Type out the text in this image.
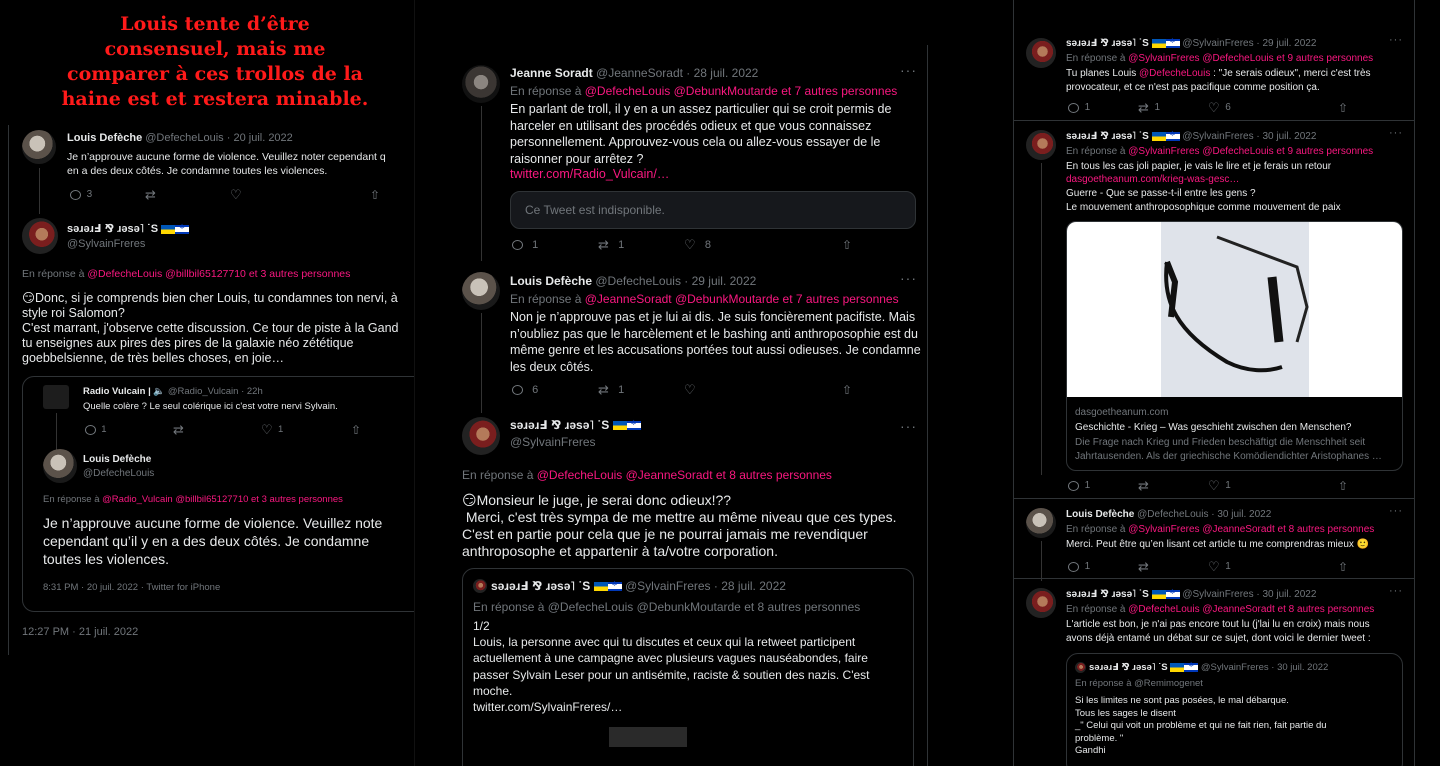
Louis tente d’être
consensuel, mais me
comparer à ces trollos de la
haine est et restera minable.
Louis Defèche @DefecheLouis · 20 juil. 2022
Je n’approuve aucune forme de violence. Veuillez noter cependant q
en a des deux côtés. Je condamne toutes les violences.

3	⇄	♡	⇧
sǝɹǝɹℲ ⅋ ɹǝsǝ˥ ˙S ✡
@SylvainFreres
En réponse à @DefecheLouis @billbil65127710 et 3 autres personnes
😏Donc, si je comprends bien cher Louis, tu condamnes ton nervi, à
style roi Salomon?
C'est marrant, j'observe cette discussion. Ce tour de piste à la Gand
tu enseignes aux pires des pires de la galaxie néo zététique
goebbelsienne, de très belles choses, en joie…
Radio Vulcain | 🔈 @Radio_Vulcain · 22h
Quelle colère ? Le seul colérique ici c'est votre nervi Sylvain.

1	⇄	♡
1	⇧
Louis Defèche
@DefecheLouis
En réponse à @Radio_Vulcain @billbil65127710 et 3 autres personnes
Je n’approuve aucune forme de violence. Veuillez note
cependant qu’il y en a des deux côtés. Je condamne
toutes les violences.
8:31 PM · 20 juil. 2022 · Twitter for iPhone
12:27 PM · 21 juil. 2022
Jeanne Soradt @JeanneSoradt · 28 juil. 2022	···
En réponse à @DefecheLouis @DebunkMoutarde et 7 autres personnes
En parlant de troll, il y en a un assez particulier qui se croit permis de
harceler en utilisant des procédés odieux et que vous connaissez
personnellement. Approuvez-vous cela ou allez-vous essayer de le
raisonner pour arrêtez ?
twitter.com/Radio_Vulcain/…
Ce Tweet est indisponible.

1	⇄
1	♡
8	⇧
Louis Defèche @DefecheLouis · 29 juil. 2022	···
En réponse à @JeanneSoradt @DebunkMoutarde et 7 autres personnes
Non je n’approuve pas et je lui ai dis. Je suis foncièrement pacifiste. Mais
n’oubliez pas que le harcèlement et le bashing anti anthroposophie est du
même genre et les accusations portées tout aussi odieuses. Je condamne
les deux côtés.

6	⇄
1	♡	⇧
sǝɹǝɹℲ ⅋ ɹǝsǝ˥ ˙S ✡
@SylvainFreres
···
En réponse à @DefecheLouis @JeanneSoradt et 8 autres personnes
😏Monsieur le juge, je serai donc odieux!??
Merci, c'est très sympa de me mettre au même niveau que ces types.
C'est en partie pour cela que je ne pourrai jamais me revendiquer
anthroposophe et appartenir à ta/votre corporation.
sǝɹǝɹℲ ⅋ ɹǝsǝ˥ ˙S ✡	@SylvainFreres · 28 juil. 2022
En réponse à @DefecheLouis @DebunkMoutarde et 8 autres personnes
1/2
Louis, la personne avec qui tu discutes et ceux qui la retweet participent
actuellement à une campagne avec plusieurs vagues nauséabondes, faire
passer Sylvain Leser pour un antisémite, raciste & soutien des nazis. C'est
moche.
twitter.com/SylvainFreres/…
sǝɹǝɹℲ ⅋ ɹǝsǝ˥ ˙S ✡	@SylvainFreres · 29 juil. 2022	···
En réponse à @SylvainFreres @DefecheLouis et 9 autres personnes
Tu planes Louis @DefecheLouis : "Je serais odieux", merci c'est très
provocateur, et ce n'est pas pacifique comme position ça.

1	⇄
1	♡
6	⇧
sǝɹǝɹℲ ⅋ ɹǝsǝ˥ ˙S ✡	@SylvainFreres · 30 juil. 2022	···
En réponse à @SylvainFreres @DefecheLouis et 9 autres personnes
En tous les cas joli papier, je vais le lire et je ferais un retour
dasgoetheanum.com/krieg-was-gesc…
Guerre - Que se passe-t-il entre les gens ?
Le mouvement anthroposophique comme mouvement de paix
dasgoetheanum.com
Geschichte - Krieg – Was geschieht zwischen den Menschen?
Die Frage nach Krieg und Frieden beschäftigt die Menschheit seit
Jahrtausenden. Als der griechische Komödiendichter Aristophanes …

1	⇄	♡
1	⇧
Louis Defèche @DefecheLouis · 30 juil. 2022	···
En réponse à @SylvainFreres @JeanneSoradt et 8 autres personnes
Merci. Peut être qu’en lisant cet article tu me comprendras mieux 🙂

1	⇄	♡
1	⇧
sǝɹǝɹℲ ⅋ ɹǝsǝ˥ ˙S ✡	@SylvainFreres · 30 juil. 2022	···
En réponse à @DefecheLouis @JeanneSoradt et 8 autres personnes
L'article est bon, je n'ai pas encore tout lu (j'lai lu en croix) mais nous
avons déjà entamé un débat sur ce sujet, dont voici le dernier tweet :
sǝɹǝɹℲ ⅋ ɹǝsǝ˥ ˙S ✡	@SylvainFreres · 30 juil. 2022
En réponse à @Remimogenet
Si les limites ne sont pas posées, le mal débarque.
Tous les sages le disent
_" Celui qui voit un problème et qui ne fait rien, fait partie du
problème. "
Gandhi
